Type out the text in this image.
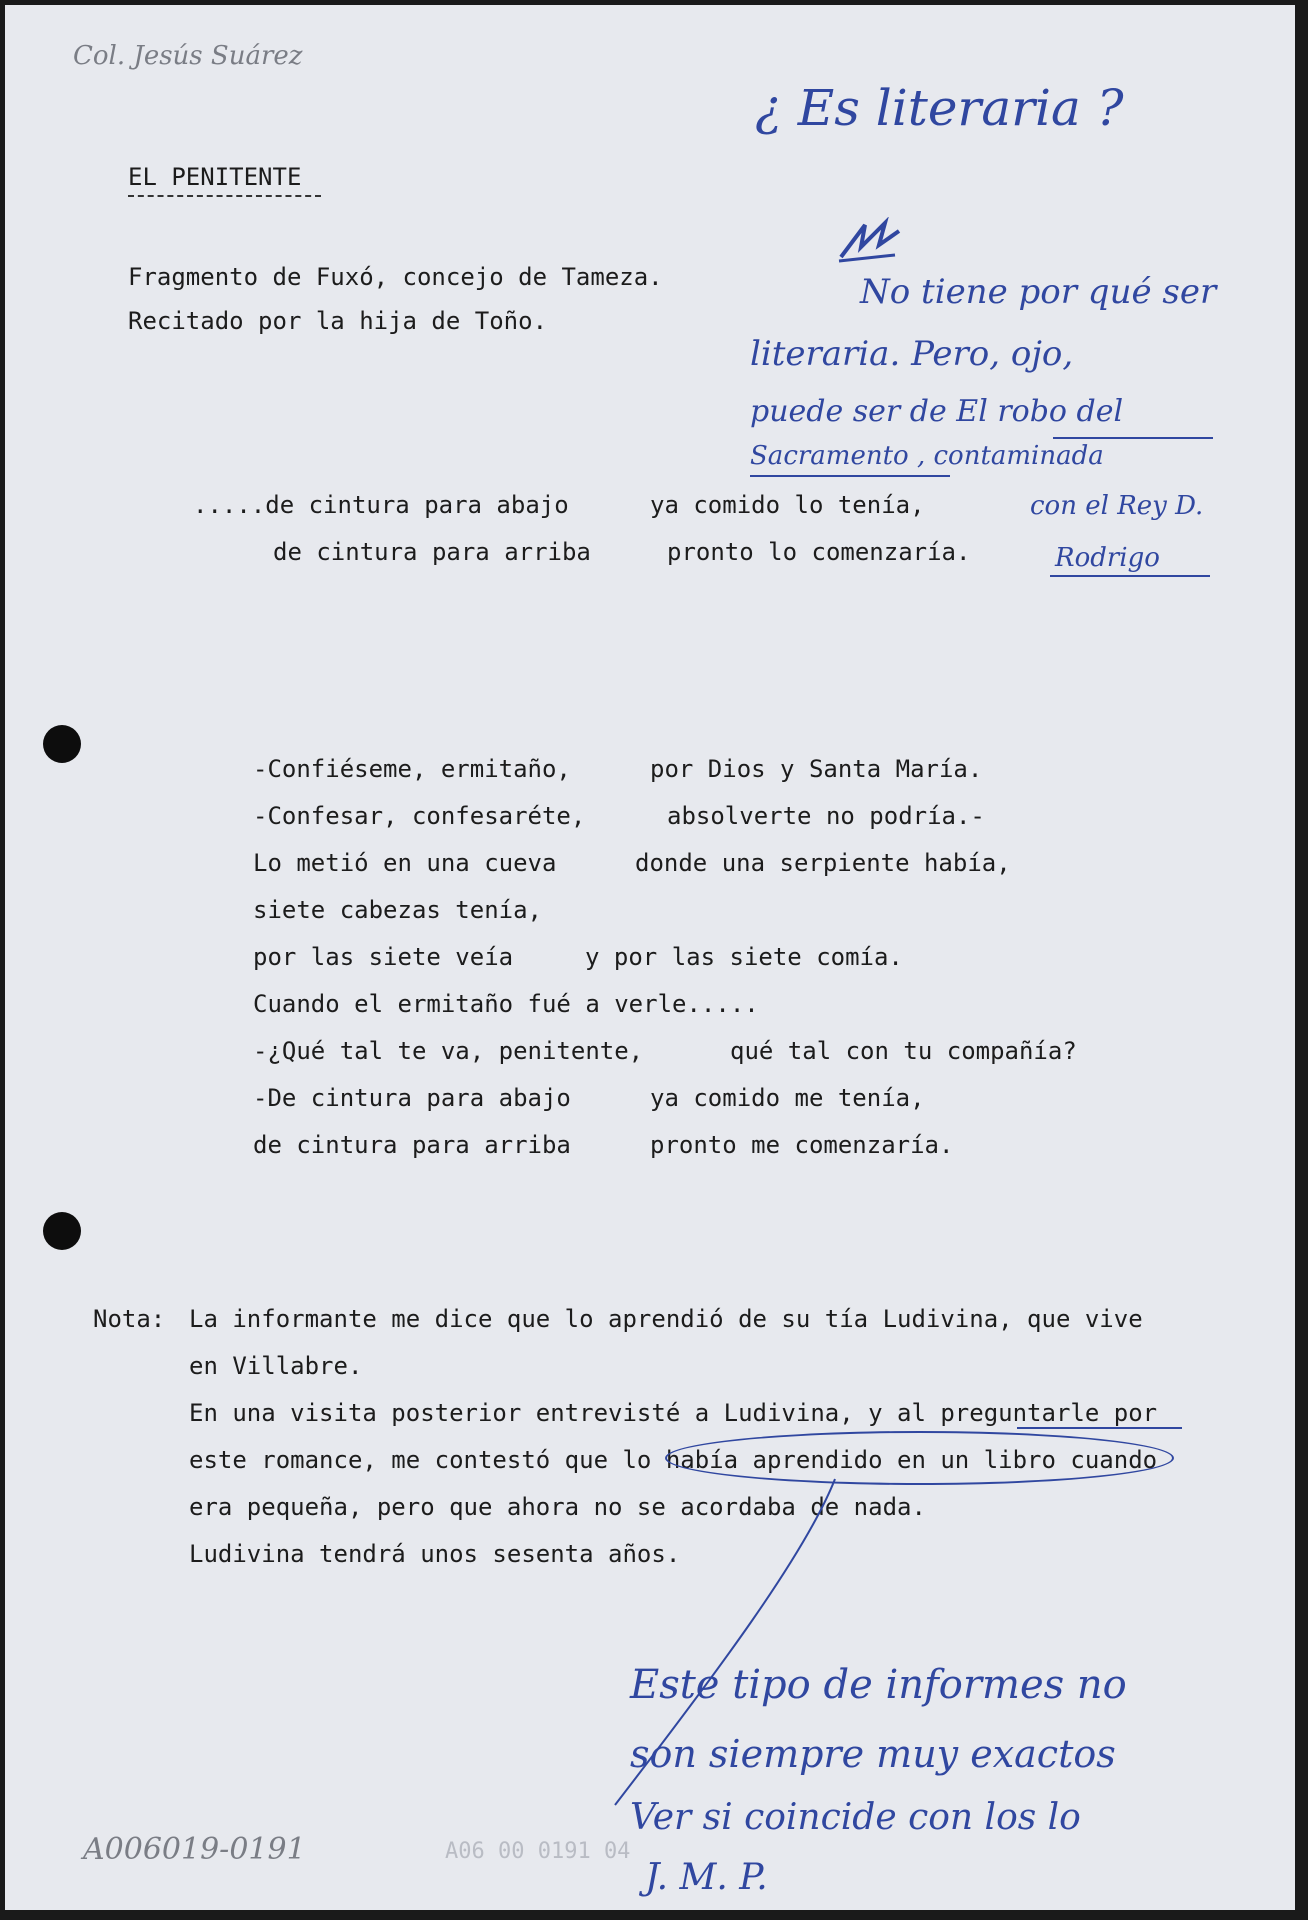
Col. Jesús Suárez
¿ Es literaria ?
EL PENITENTE
Fragmento de Fuxó, concejo de Tameza.
Recitado por la hija de Toño.
No tiene por qué ser
literaria. Pero, ojo,
puede ser de El robo del
Sacramento , contaminada
con el Rey D.
Rodrigo
.....de cintura para abajo	ya comido lo tenía,
de cintura para arriba	pronto lo comenzaría.
-Confiéseme, ermitaño,	por Dios y Santa María.
-Confesar, confesaréte,	absolverte no podría.-
Lo metió en una cueva	donde una serpiente había,
siete cabezas tenía,
por las siete veía	y por las siete comía.
Cuando el ermitaño fué a verle.....
-¿Qué tal te va, penitente,	qué tal con tu compañía?
-De cintura para abajo	ya comido me tenía,
de cintura para arriba	pronto me comenzaría.
Nota: La informante me dice que lo aprendió de su tía Ludivina, que vive
en Villabre.
En una visita posterior entrevisté a Ludivina, y al preguntarle por
este romance, me contestó que lo había aprendido en un libro cuando
era pequeña, pero que ahora no se acordaba de nada.
Ludivina tendrá unos sesenta años.
Este tipo de informes no
son siempre muy exactos
Ver si coincide con los lo
J. M. P.
A006019-0191	A06 00 0191 04
